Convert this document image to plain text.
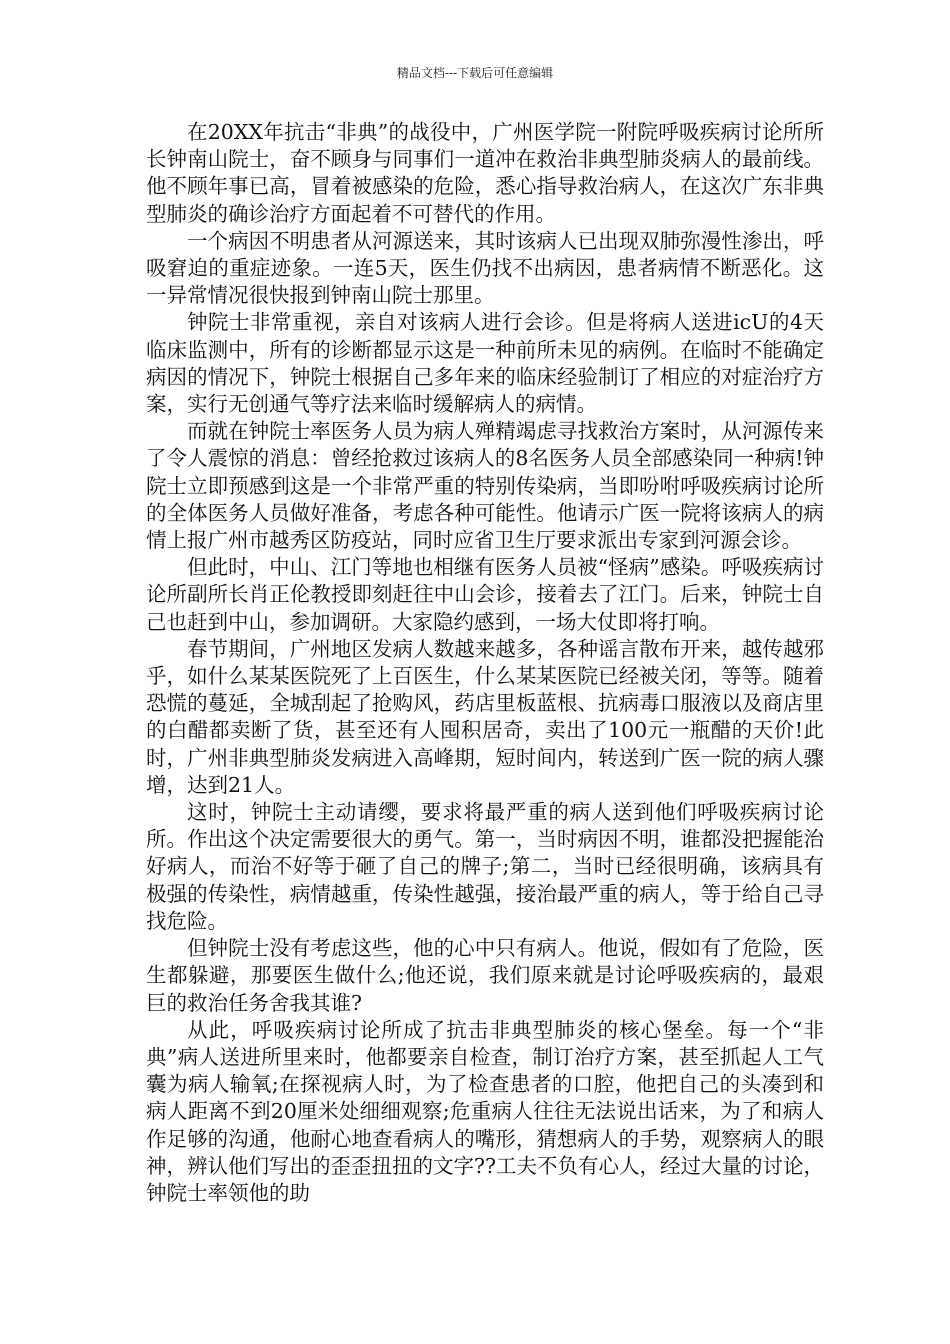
精品文档---下载后可任意编辑

在20XX年抗击“非典”的战役中，广州医学院一附院呼吸疾病讨论所所长钟南山院士，奋不顾身与同事们一道冲在救治非典型肺炎病人的最前线。他不顾年事已高，冒着被感染的危险，悉心指导救治病人，在这次广东非典型肺炎的确诊治疗方面起着不可替代的作用。

一个病因不明患者从河源送来，其时该病人已出现双肺弥漫性渗出，呼吸窘迫的重症迹象。一连5天，医生仍找不出病因，患者病情不断恶化。这一异常情况很快报到钟南山院士那里。

钟院士非常重视，亲自对该病人进行会诊。但是将病人送进icU的4天临床监测中，所有的诊断都显示这是一种前所未见的病例。在临时不能确定病因的情况下，钟院士根据自己多年来的临床经验制订了相应的对症治疗方案，实行无创通气等疗法来临时缓解病人的病情。

而就在钟院士率医务人员为病人殚精竭虑寻找救治方案时，从河源传来了令人震惊的消息：曾经抢救过该病人的8名医务人员全部感染同一种病!钟院士立即预感到这是一个非常严重的特别传染病，当即吩咐呼吸疾病讨论所的全体医务人员做好准备，考虑各种可能性。他请示广医一院将该病人的病情上报广州市越秀区防疫站，同时应省卫生厅要求派出专家到河源会诊。

但此时，中山、江门等地也相继有医务人员被“怪病”感染。呼吸疾病讨论所副所长肖正伦教授即刻赶往中山会诊，接着去了江门。后来，钟院士自己也赶到中山，参加调研。大家隐约感到，一场大仗即将打响。

春节期间，广州地区发病人数越来越多，各种谣言散布开来，越传越邪乎，如什么某某医院死了上百医生，什么某某医院已经被关闭，等等。随着恐慌的蔓延，全城刮起了抢购风，药店里板蓝根、抗病毒口服液以及商店里的白醋都卖断了货，甚至还有人囤积居奇，卖出了100元一瓶醋的天价!此时，广州非典型肺炎发病进入高峰期，短时间内，转送到广医一院的病人骤增，达到21人。

这时，钟院士主动请缨，要求将最严重的病人送到他们呼吸疾病讨论所。作出这个决定需要很大的勇气。第一，当时病因不明，谁都没把握能治好病人，而治不好等于砸了自己的牌子;第二，当时已经很明确，该病具有极强的传染性，病情越重，传染性越强，接治最严重的病人，等于给自己寻找危险。

但钟院士没有考虑这些，他的心中只有病人。他说，假如有了危险，医生都躲避，那要医生做什么;他还说，我们原来就是讨论呼吸疾病的，最艰巨的救治任务舍我其谁?

从此，呼吸疾病讨论所成了抗击非典型肺炎的核心堡垒。每一个“非典”病人送进所里来时，他都要亲自检查，制订治疗方案，甚至抓起人工气囊为病人输氧;在探视病人时，为了检查患者的口腔，他把自己的头凑到和病人距离不到20厘米处细细观察;危重病人往往无法说出话来，为了和病人作足够的沟通，他耐心地查看病人的嘴形，猜想病人的手势，观察病人的眼神，辨认他们写出的歪歪扭扭的文字??工夫不负有心人，经过大量的讨论，钟院士率领他的助
